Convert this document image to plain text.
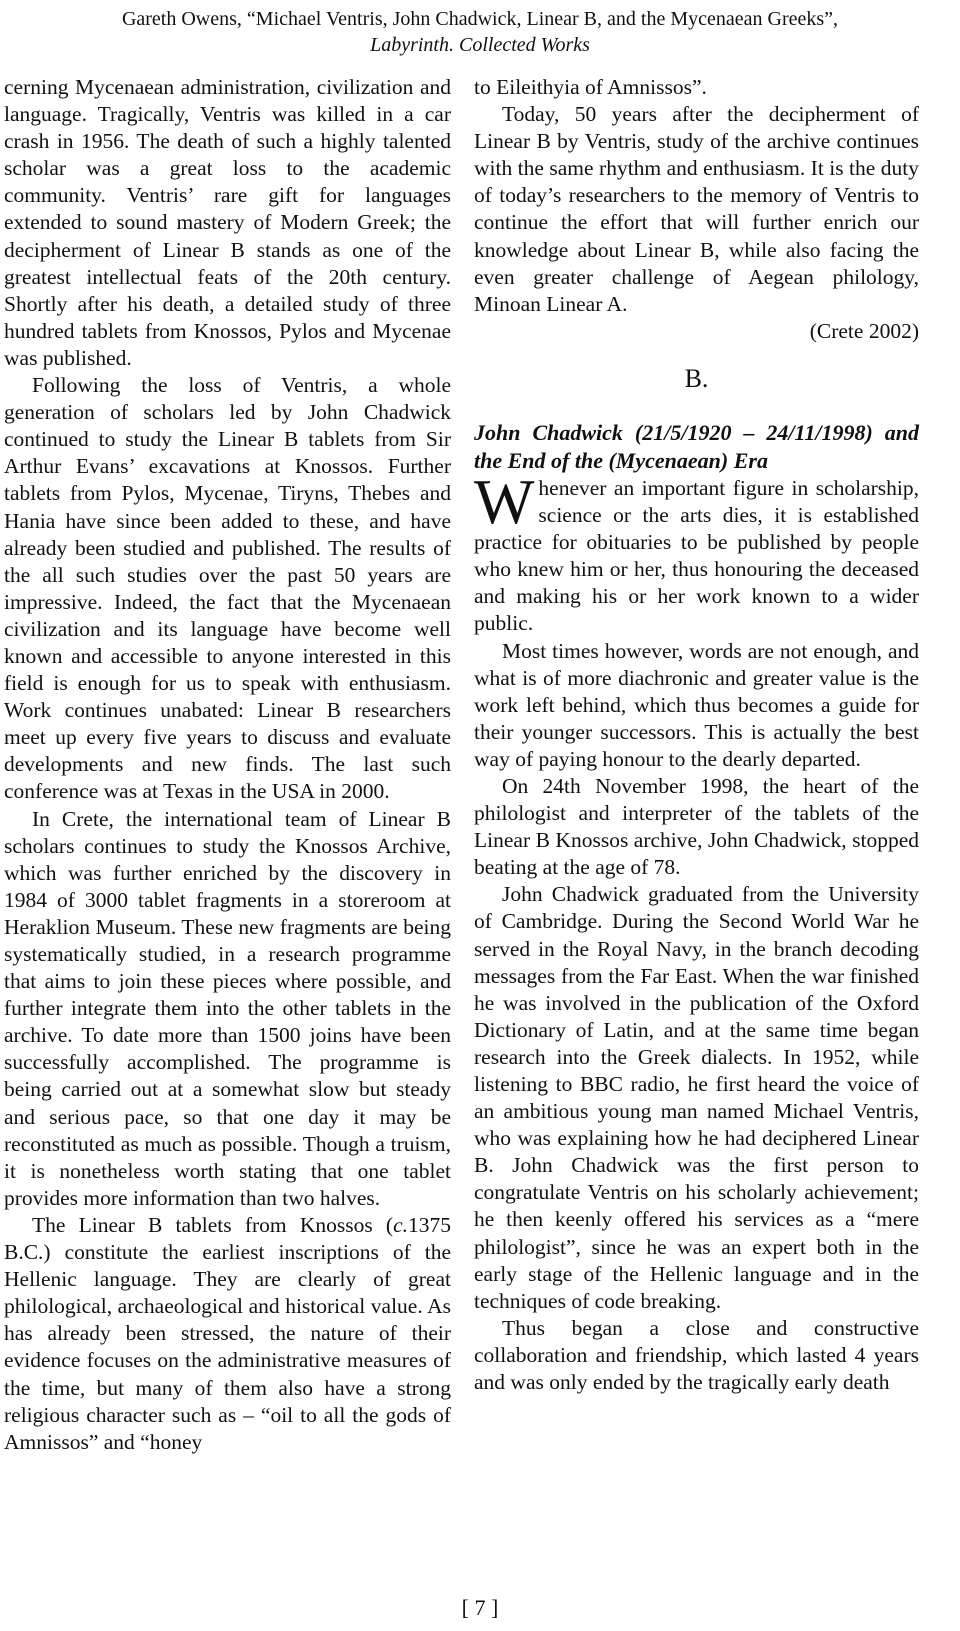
Gareth Owens, “Michael Ventris, John Chadwick, Linear B, and the Mycenaean Greeks”,
Labyrinth. Collected Works

cerning Mycenaean administration, civilization and language. Tragically, Ventris was killed in a car crash in 1956. The death of such a highly talented scholar was a great loss to the academic community. Ventris’ rare gift for languages extended to sound mastery of Modern Greek; the decipherment of Linear B stands as one of the greatest intellectual feats of the 20th century. Shortly after his death, a detailed study of three hundred tablets from Knossos, Pylos and Mycenae was published.

Following the loss of Ventris, a whole generation of scholars led by John Chadwick continued to study the Linear B tablets from Sir Arthur Evans’ excavations at Knossos. Further tablets from Pylos, Mycenae, Tiryns, Thebes and Hania have since been added to these, and have already been studied and published. The results of the all such studies over the past 50 years are impressive. Indeed, the fact that the Mycenaean civilization and its language have become well known and accessible to anyone interested in this field is enough for us to speak with enthusiasm. Work continues unabated: Linear B researchers meet up every five years to discuss and evaluate developments and new finds. The last such conference was at Texas in the USA in 2000.

In Crete, the international team of Linear B scholars continues to study the Knossos Archive, which was further enriched by the discovery in 1984 of 3000 tablet fragments in a storeroom at Heraklion Museum. These new fragments are being systematically studied, in a research programme that aims to join these pieces where possible, and further integrate them into the other tablets in the archive. To date more than 1500 joins have been successfully accomplished. The programme is being carried out at a somewhat slow but steady and serious pace, so that one day it may be reconstituted as much as possible. Though a truism, it is nonetheless worth stating that one tablet provides more information than two halves.

The Linear B tablets from Knossos (c.1375 B.C.) constitute the earliest inscriptions of the Hellenic language. They are clearly of great philological, archaeological and historical value. As has already been stressed, the nature of their evidence focuses on the administrative measures of the time, but many of them also have a strong religious character such as – “oil to all the gods of Amnissos” and “honey

to Eileithyia of Amnissos”.

Today, 50 years after the decipherment of Linear B by Ventris, study of the archive continues with the same rhythm and enthusiasm. It is the duty of today’s researchers to the memory of Ventris to continue the effort that will further enrich our knowledge about Linear B, while also facing the even greater challenge of Aegean philology, Minoan Linear A.

(Crete 2002)

B.
John Chadwick (21/5/1920 – 24/11/1998) and the End of the (Mycenaean) Era

Whenever an important figure in scholarship, science or the arts dies, it is established practice for obituaries to be published by people who knew him or her, thus honouring the deceased and making his or her work known to a wider public.

Most times however, words are not enough, and what is of more diachronic and greater value is the work left behind, which thus becomes a guide for their younger successors. This is actually the best way of paying honour to the dearly departed.

On 24th November 1998, the heart of the philologist and interpreter of the tablets of the Linear B Knossos archive, John Chadwick, stopped beating at the age of 78.

John Chadwick graduated from the University of Cambridge. During the Second World War he served in the Royal Navy, in the branch decoding messages from the Far East. When the war finished he was involved in the publication of the Oxford Dictionary of Latin, and at the same time began research into the Greek dialects. In 1952, while listening to BBC radio, he first heard the voice of an ambitious young man named Michael Ventris, who was explaining how he had deciphered Linear B. John Chadwick was the first person to congratulate Ventris on his scholarly achievement; he then keenly offered his services as a “mere philologist”, since he was an expert both in the early stage of the Hellenic language and in the techniques of code breaking.

Thus began a close and constructive collaboration and friendship, which lasted 4 years and was only ended by the tragically early death

[ 7 ]
